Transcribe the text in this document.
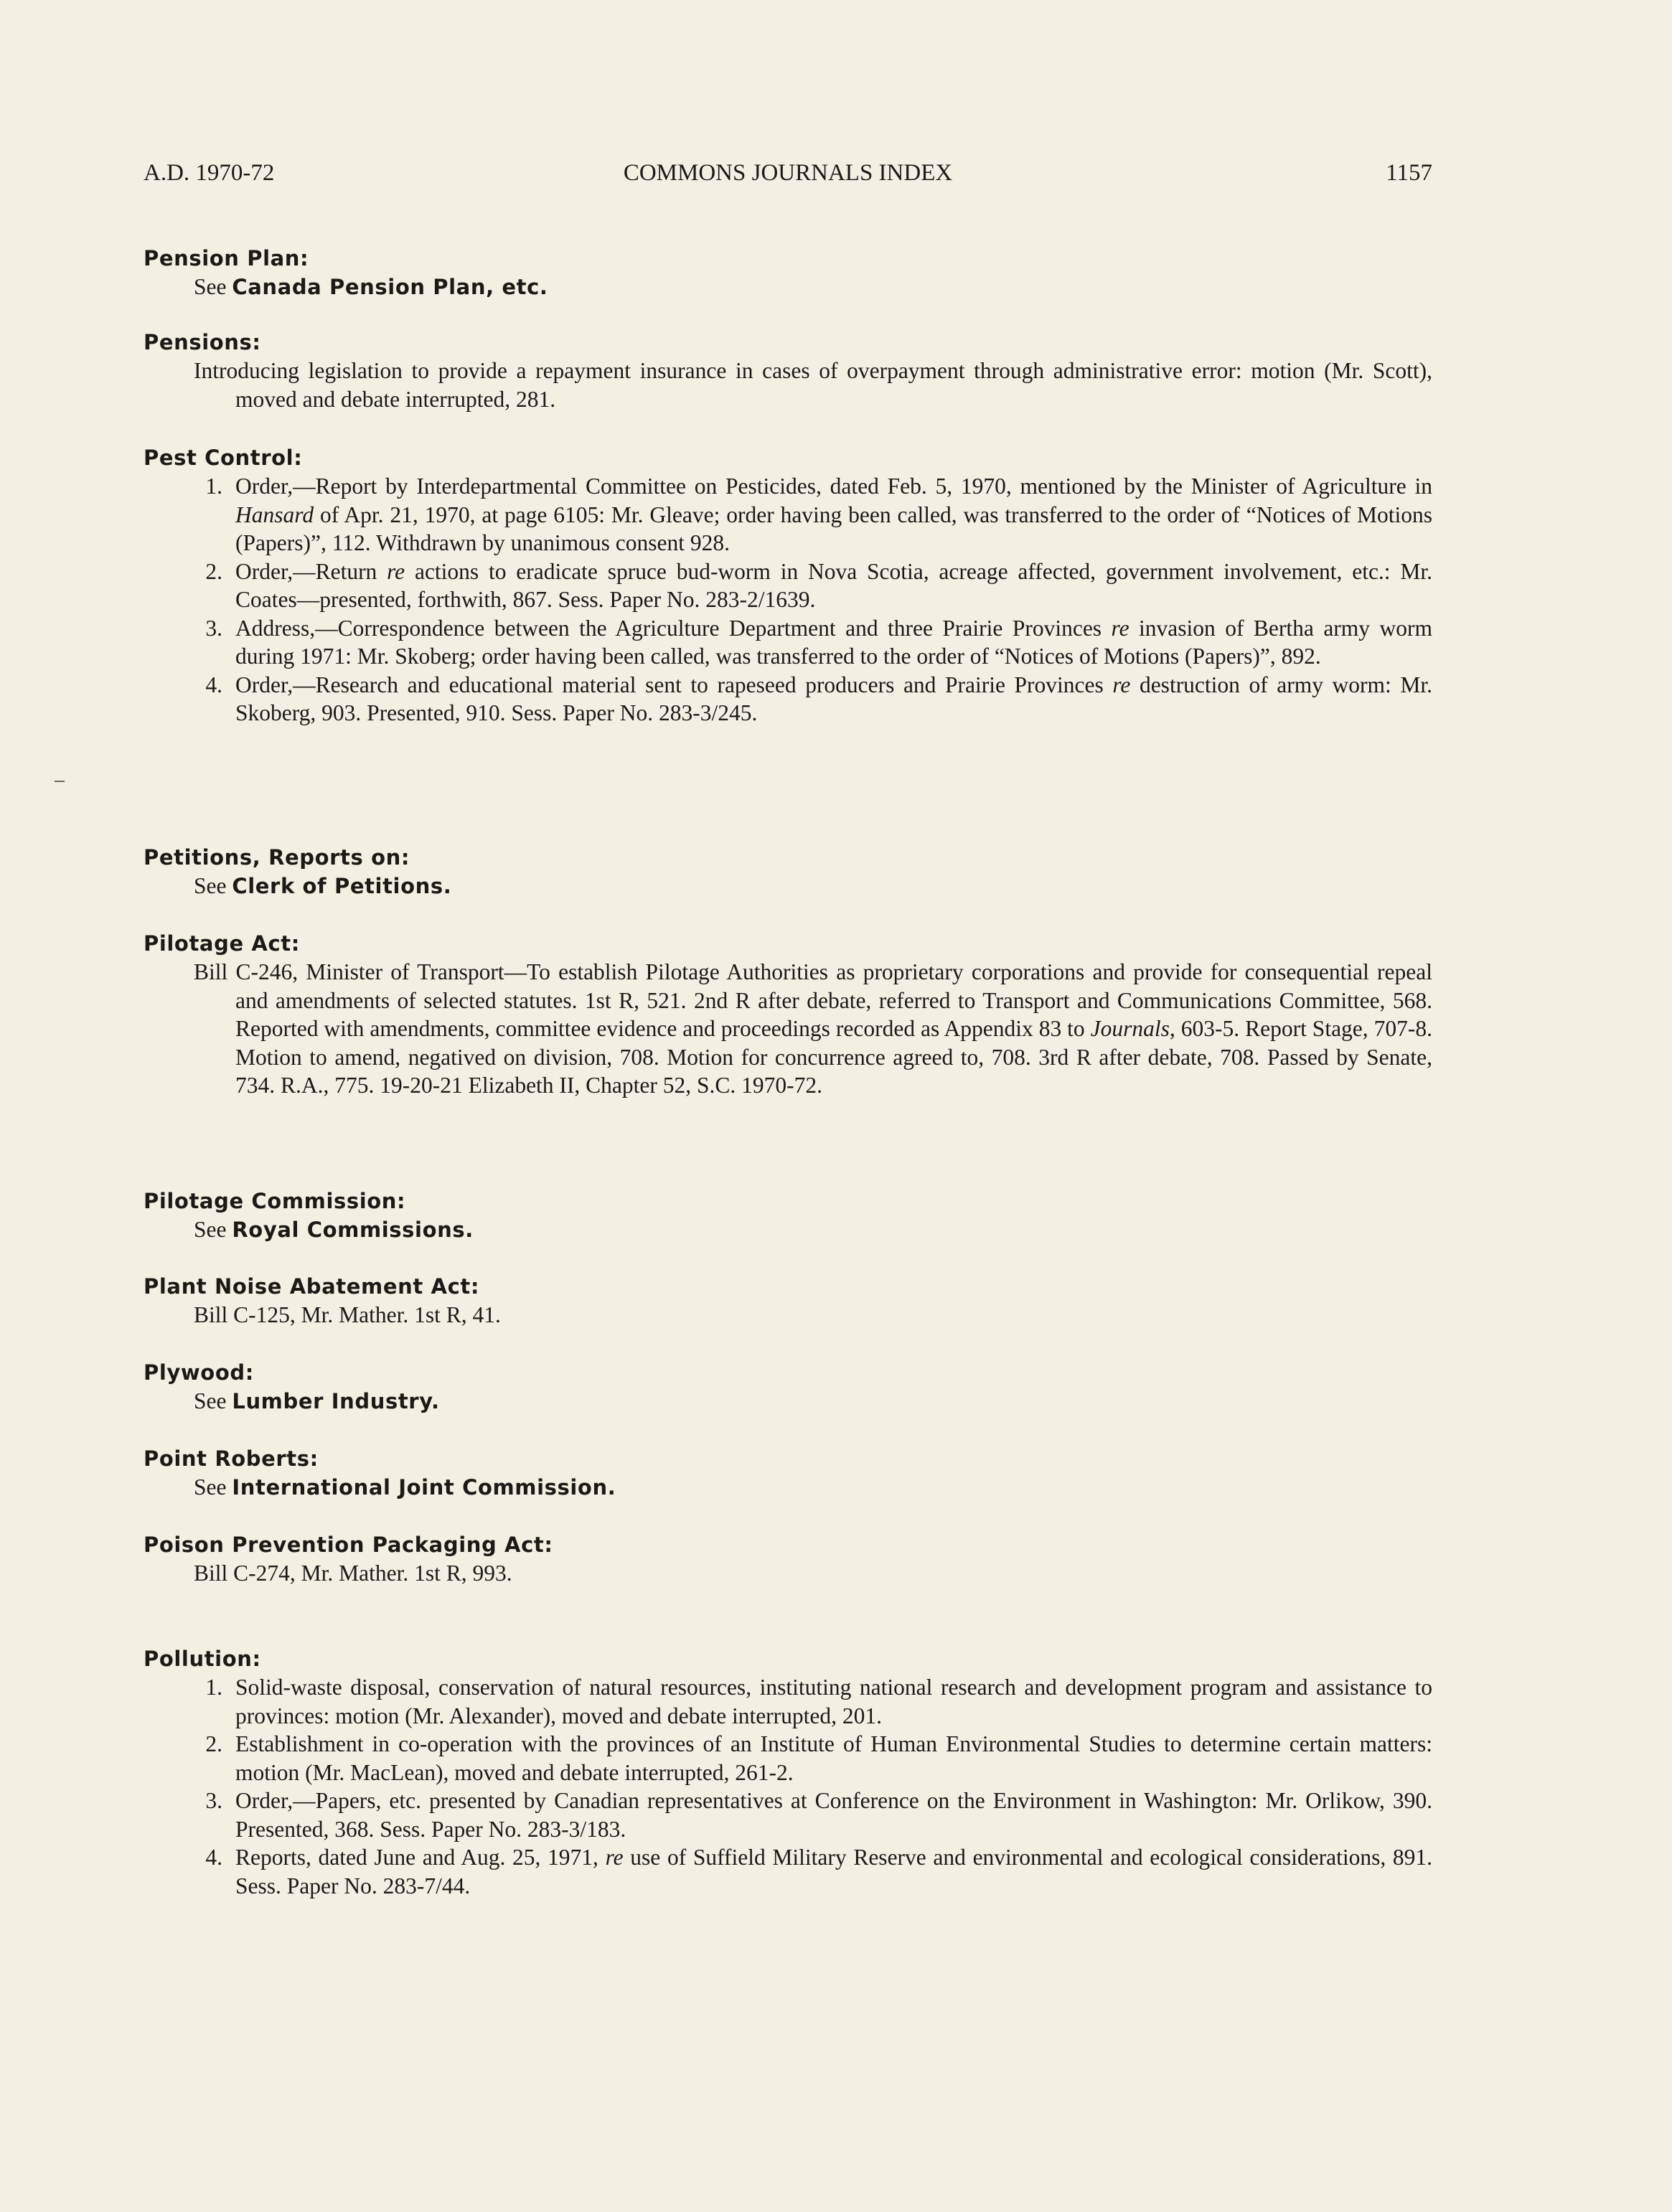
A.D. 1970-72	COMMONS JOURNALS INDEX	1157
Pension Plan:
See Canada Pension Plan, etc.
Pensions:
Introducing legislation to provide a repayment insurance in cases of overpayment through administrative error: motion (Mr. Scott), moved and debate interrupted, 281.
Pest Control:
1. Order,—Report by Interdepartmental Committee on Pesticides, dated Feb. 5, 1970, mentioned by the Minister of Agriculture in Hansard of Apr. 21, 1970, at page 6105: Mr. Gleave; order having been called, was transferred to the order of “Notices of Motions (Papers)”, 112. Withdrawn by unanimous consent 928.
2. Order,—Return re actions to eradicate spruce bud-worm in Nova Scotia, acreage affected, government involvement, etc.: Mr. Coates—presented, forthwith, 867. Sess. Paper No. 283-2/1639.
3. Address,—Correspondence between the Agriculture Department and three Prairie Provinces re invasion of Bertha army worm during 1971: Mr. Skoberg; order having been called, was transferred to the order of “Notices of Motions (Papers)”, 892.
4. Order,—Research and educational material sent to rapeseed producers and Prairie Provinces re destruction of army worm: Mr. Skoberg, 903. Presented, 910. Sess. Paper No. 283-3/245.
Petitions, Reports on:
See Clerk of Petitions.
Pilotage Act:
Bill C-246, Minister of Transport—To establish Pilotage Authorities as proprietary corporations and provide for consequential repeal and amendments of selected statutes. 1st R, 521. 2nd R after debate, referred to Transport and Communications Committee, 568. Reported with amendments, committee evidence and proceedings recorded as Appendix 83 to Journals, 603-5. Report Stage, 707-8. Motion to amend, negatived on division, 708. Motion for concurrence agreed to, 708. 3rd R after debate, 708. Passed by Senate, 734. R.A., 775. 19-20-21 Elizabeth II, Chapter 52, S.C. 1970-72.
Pilotage Commission:
See Royal Commissions.
Plant Noise Abatement Act:
Bill C-125, Mr. Mather. 1st R, 41.
Plywood:
See Lumber Industry.
Point Roberts:
See International Joint Commission.
Poison Prevention Packaging Act:
Bill C-274, Mr. Mather. 1st R, 993.
Pollution:
1. Solid-waste disposal, conservation of natural resources, instituting national research and development program and assistance to provinces: motion (Mr. Alexander), moved and debate interrupted, 201.
2. Establishment in co-operation with the provinces of an Institute of Human Environmental Studies to determine certain matters: motion (Mr. MacLean), moved and debate interrupted, 261-2.
3. Order,—Papers, etc. presented by Canadian representatives at Conference on the Environment in Washington: Mr. Orlikow, 390. Presented, 368. Sess. Paper No. 283-3/183.
4. Reports, dated June and Aug. 25, 1971, re use of Suffield Military Reserve and environmental and ecological considerations, 891. Sess. Paper No. 283-7/44.
